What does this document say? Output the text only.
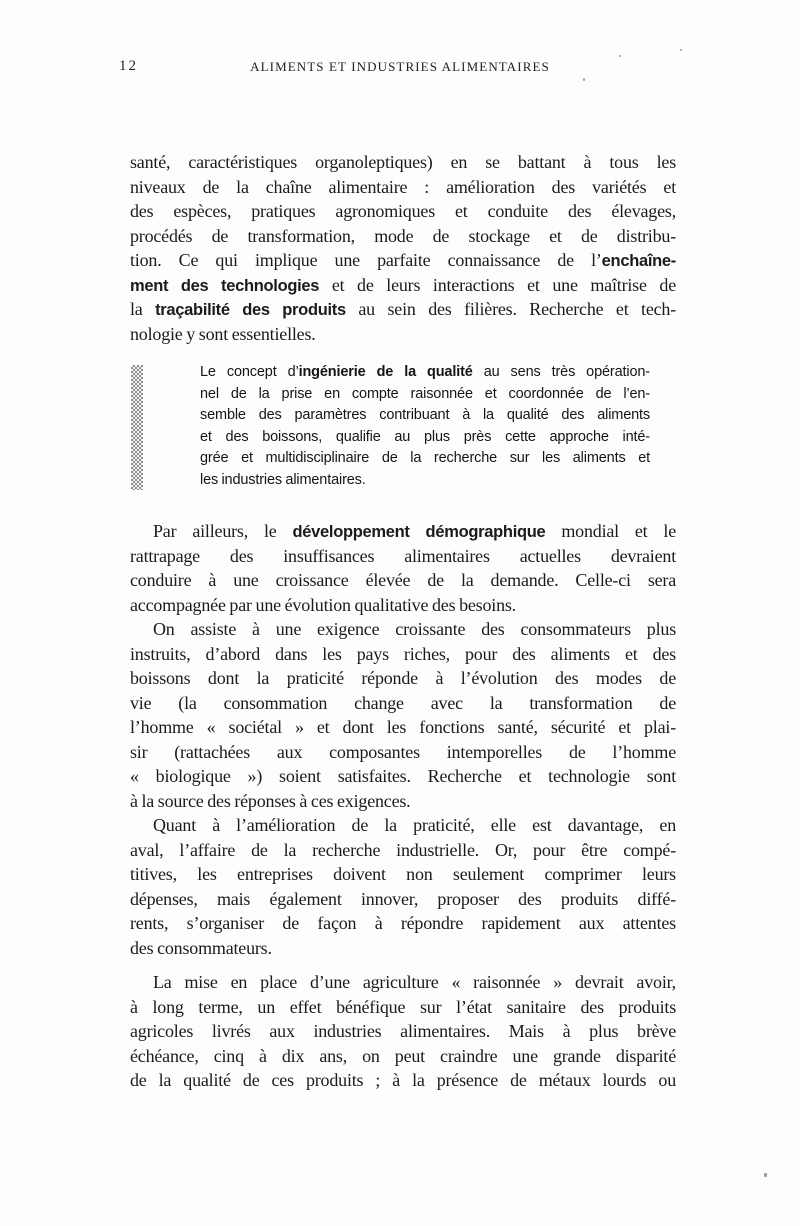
12	ALIMENTS ET INDUSTRIES ALIMENTAIRES
santé, caractéristiques organoleptiques) en se battant à tous les
niveaux de la chaîne alimentaire : amélioration des variétés et
des espèces, pratiques agronomiques et conduite des élevages,
procédés de transformation, mode de stockage et de distribu-
tion. Ce qui implique une parfaite connaissance de l’enchaîne-
ment des technologies et de leurs interactions et une maîtrise de
la traçabilité des produits au sein des filières. Recherche et tech-
nologie y sont essentielles.
Le concept d’ingénierie de la qualité au sens très opération-
nel de la prise en compte raisonnée et coordonnée de l’en-
semble des paramètres contribuant à la qualité des aliments
et des boissons, qualifie au plus près cette approche inté-
grée et multidisciplinaire de la recherche sur les aliments et
les industries alimentaires.
Par ailleurs, le développement démographique mondial et le
rattrapage des insuffisances alimentaires actuelles devraient
conduire à une croissance élevée de la demande. Celle-ci sera
accompagnée par une évolution qualitative des besoins.
On assiste à une exigence croissante des consommateurs plus
instruits, d’abord dans les pays riches, pour des aliments et des
boissons dont la praticité réponde à l’évolution des modes de
vie (la consommation change avec la transformation de
l’homme « sociétal » et dont les fonctions santé, sécurité et plai-
sir (rattachées aux composantes intemporelles de l’homme
« biologique ») soient satisfaites. Recherche et technologie sont
à la source des réponses à ces exigences.
Quant à l’amélioration de la praticité, elle est davantage, en
aval, l’affaire de la recherche industrielle. Or, pour être compé-
titives, les entreprises doivent non seulement comprimer leurs
dépenses, mais également innover, proposer des produits diffé-
rents, s’organiser de façon à répondre rapidement aux attentes
des consommateurs.
La mise en place d’une agriculture « raisonnée » devrait avoir,
à long terme, un effet bénéfique sur l’état sanitaire des produits
agricoles livrés aux industries alimentaires. Mais à plus brève
échéance, cinq à dix ans, on peut craindre une grande disparité
de la qualité de ces produits ; à la présence de métaux lourds ou
